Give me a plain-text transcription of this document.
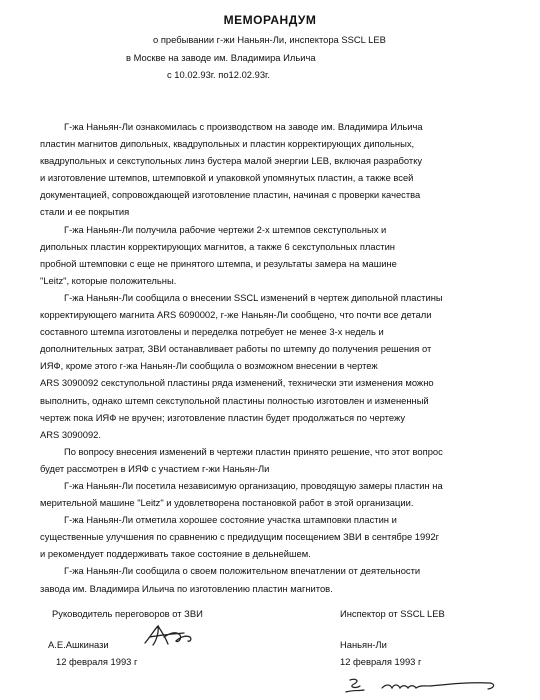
МЕМОРАНДУМ
о пребывании г-жи Наньян-Ли, инспектора SSCL LEB
в Москве на заводе им. Владимира Ильича
с 10.02.93г. по12.02.93г.

Г-жа Наньян-Ли ознакомилась с производством на заводе им. Владимира Ильича
пластин магнитов дипольных, квадрупольных и пластин корректирующих дипольных,
квадрупольных и секступольных линз бустера малой энергии LEB, включая разработку
и изготовление штемпов, штемповкой и упаковкой упомянутых пластин, а также всей
документацией, сопровождающей изготовление пластин, начиная с проверки качества
стали и ее покрытия

Г-жа Наньян-Ли получила рабочие чертежи 2-х штемпов секступольных и
дипольных пластин корректирующих магнитов, а также 6 секступольных пластин
пробной штемповки с еще не принятого штемпа, и результаты замера на машине
"Leitz", которые положительны.

Г-жа Наньян-Ли сообщила о внесении SSCL изменений в чертеж дипольной пластины
корректирующего магнита ARS 6090002, г-же Наньян-Ли сообщено, что почти все детали
составного штемпа изготовлены и переделка потребует не менее 3-х недель и
дополнительных затрат, ЗВИ останавливает работы по штемпу до получения решения от
ИЯФ, кроме этого г-жа Наньян-Ли сообщила о возможном внесении в чертеж
ARS 3090092 секступольной пластины ряда изменений, технически эти изменения можно
выполнить, однако штемп секступольной пластины полностью изготовлен и измененный
чертеж пока ИЯФ не вручен; изготовление пластин будет продолжаться по чертежу
ARS 3090092.

По вопросу внесения изменений в чертежи пластин принято решение, что этот вопрос
будет рассмотрен в ИЯФ с участием г-жи Наньян-Ли

Г-жа Наньян-Ли посетила независимую организацию, проводящую замеры пластин на
мерительной машине "Leitz" и удовлетворена постановкой работ в этой организации.

Г-жа Наньян-Ли отметила хорошее состояние участка штамповки пластин и
существенные улучшения по сравнению с предидущим посещением ЗВИ в сентябре 1992г
и рекомендует поддерживать такое состояние в дельнейшем.

Г-жа Наньян-Ли сообщила о своем положительном впечатлении от деятельности
завода им. Владимира Ильича по изготовлению пластин магнитов.

Руководитель переговоров от ЗВИ
А.Е.Ашкинази
12 февраля 1993 г
Инспектор от SSCL LEB
Наньян-Ли
12 февраля 1993 г
